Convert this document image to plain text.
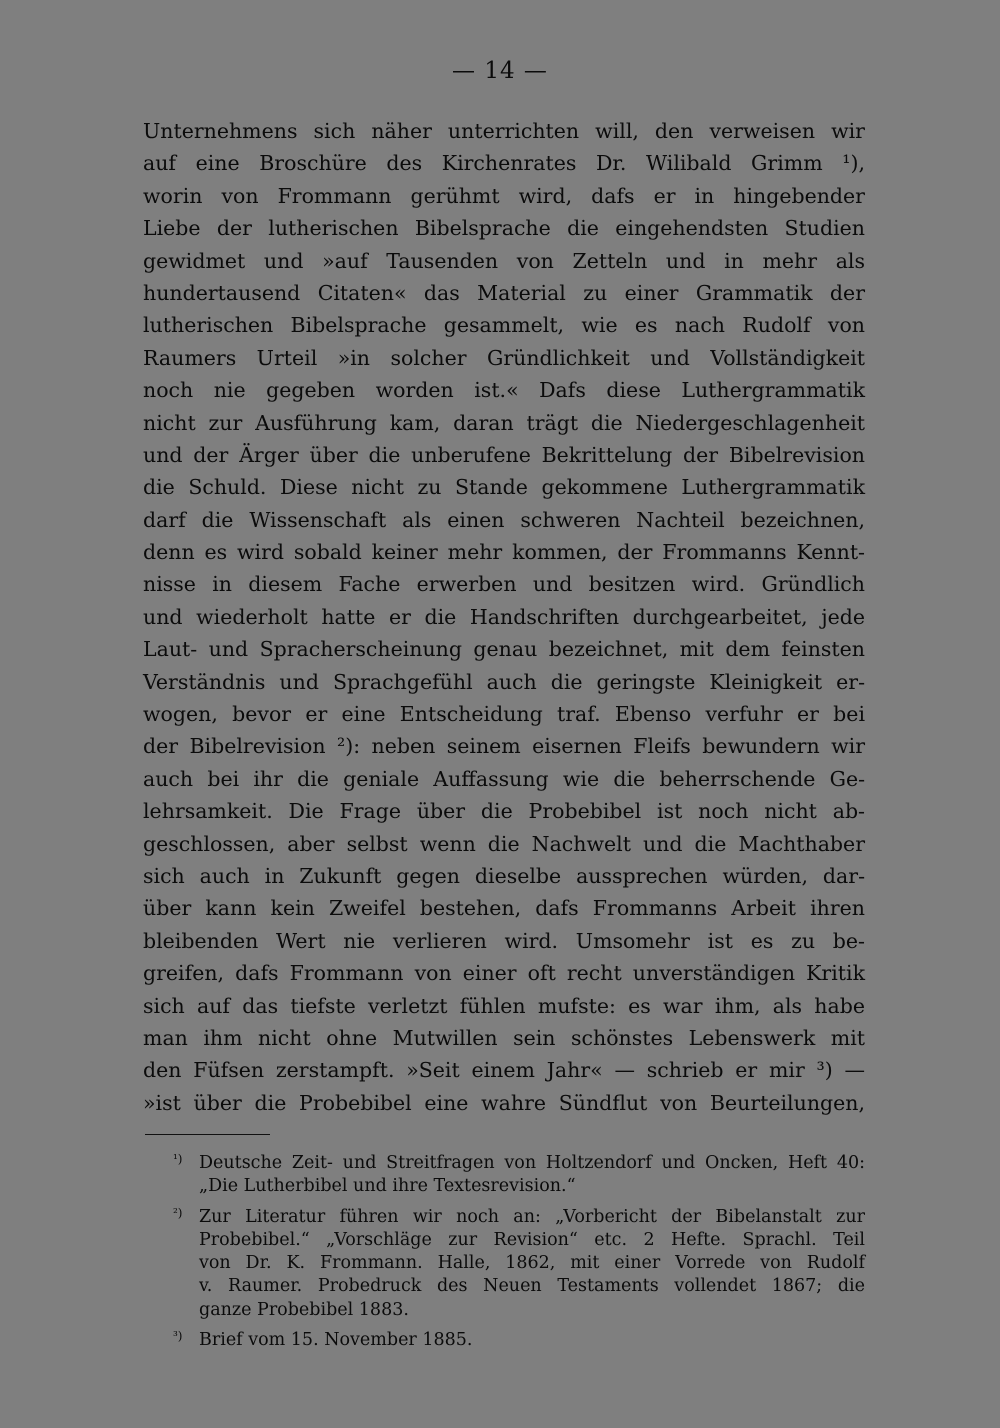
— 14 —
Unternehmens sich näher unterrichten will, den verweisen wir
auf eine Broschüre des Kirchenrates Dr. Wilibald Grimm ¹),
worin von Frommann gerühmt wird, dafs er in hingebender
Liebe der lutherischen Bibelsprache die eingehendsten Studien
gewidmet und »auf Tausenden von Zetteln und in mehr als
hundertausend Citaten« das Material zu einer Grammatik der
lutherischen Bibelsprache gesammelt, wie es nach Rudolf von
Raumers Urteil »in solcher Gründlichkeit und Vollständigkeit
noch nie gegeben worden ist.« Dafs diese Luthergrammatik
nicht zur Ausführung kam, daran trägt die Niedergeschlagenheit
und der Ärger über die unberufene Bekrittelung der Bibelrevision
die Schuld. Diese nicht zu Stande gekommene Luthergrammatik
darf die Wissenschaft als einen schweren Nachteil bezeichnen,
denn es wird sobald keiner mehr kommen, der Frommanns Kennt-
nisse in diesem Fache erwerben und besitzen wird. Gründlich
und wiederholt hatte er die Handschriften durchgearbeitet, jede
Laut- und Spracherscheinung genau bezeichnet, mit dem feinsten
Verständnis und Sprachgefühl auch die geringste Kleinigkeit er-
wogen, bevor er eine Entscheidung traf. Ebenso verfuhr er bei
der Bibelrevision ²): neben seinem eisernen Fleifs bewundern wir
auch bei ihr die geniale Auffassung wie die beherrschende Ge-
lehrsamkeit. Die Frage über die Probebibel ist noch nicht ab-
geschlossen, aber selbst wenn die Nachwelt und die Machthaber
sich auch in Zukunft gegen dieselbe aussprechen würden, dar-
über kann kein Zweifel bestehen, dafs Frommanns Arbeit ihren
bleibenden Wert nie verlieren wird. Umsomehr ist es zu be-
greifen, dafs Frommann von einer oft recht unverständigen Kritik
sich auf das tiefste verletzt fühlen mufste: es war ihm, als habe
man ihm nicht ohne Mutwillen sein schönstes Lebenswerk mit
den Füfsen zerstampft. »Seit einem Jahr« — schrieb er mir ³) —
»ist über die Probebibel eine wahre Sündflut von Beurteilungen,
¹) Deutsche Zeit- und Streitfragen von Holtzendorf und Oncken, Heft 40:
„Die Lutherbibel und ihre Textesrevision.“
²) Zur Literatur führen wir noch an: „Vorbericht der Bibelanstalt zur
Probebibel.“ „Vorschläge zur Revision“ etc. 2 Hefte. Sprachl. Teil
von Dr. K. Frommann. Halle, 1862, mit einer Vorrede von Rudolf
v. Raumer. Probedruck des Neuen Testaments vollendet 1867; die
ganze Probebibel 1883.
³) Brief vom 15. November 1885.
